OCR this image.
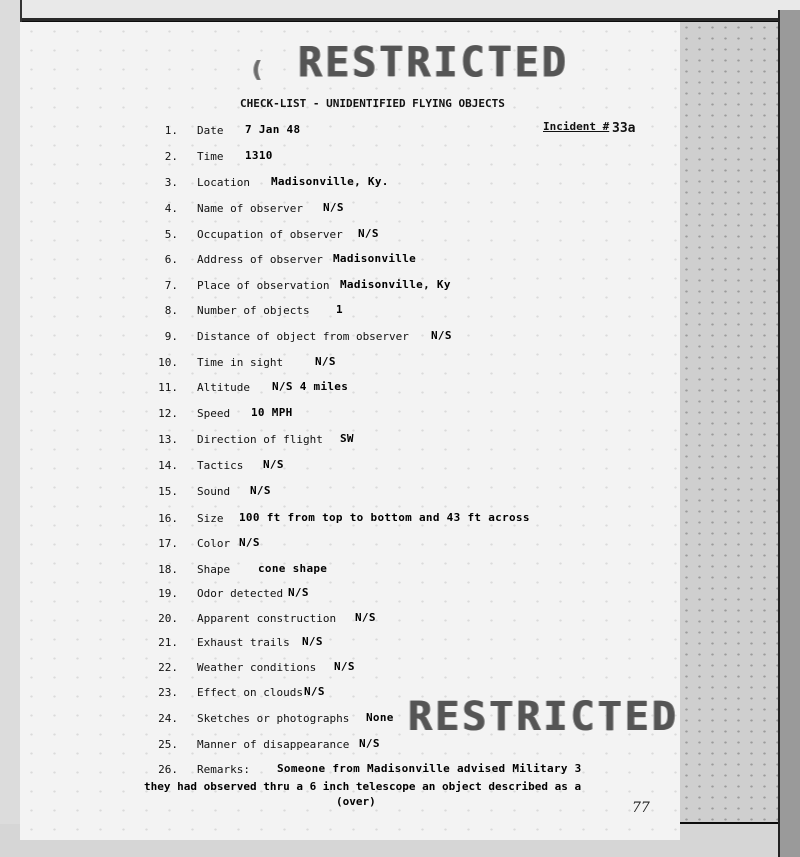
( RESTRICTED
CHECK-LIST - UNIDENTIFIED FLYING OBJECTS
Incident # 33a
1. Date 7 Jan 48
2. Time 1310
3. Location Madisonville, Ky.
4. Name of observer N/S
5. Occupation of observer N/S
6. Address of observer Madisonville
7. Place of observation Madisonville, Ky
8. Number of objects 1
9. Distance of object from observer N/S
10. Time in sight	N/S
11. Altitude N/S 4 miles
12. Speed 10 MPH
13. Direction of flight SW
14. Tactics N/S
15. Sound N/S
16. Size 100 ft from top to bottom and 43 ft across
17. Color N/S
18. Shape	cone shape
19. Odor detected N/S
20. Apparent construction N/S
21. Exhaust trails N/S
22. Weather conditions N/S
23. Effect on clouds N/S
24. Sketches or photographs None
25. Manner of disappearance N/S
26. Remarks: Someone from Madisonville advised Military 3
RESTRICTED
they had observed thru a 6 inch telescope an object described as a
(over)	77
